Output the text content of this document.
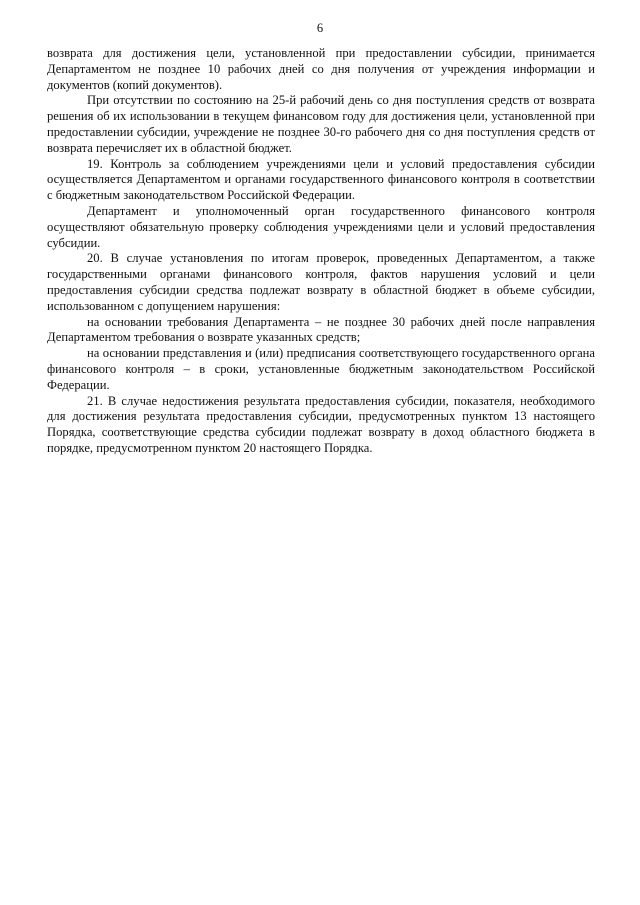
6

возврата для достижения цели, установленной при предоставлении субсидии, принимается Департаментом не позднее 10 рабочих дней со дня получения от учреждения информации и документов (копий документов).

При отсутствии по состоянию на 25-й рабочий день со дня поступления средств от возврата решения об их использовании в текущем финансовом году для достижения цели, установленной при предоставлении субсидии, учреждение не позднее 30-го рабочего дня со дня поступления средств от возврата перечисляет их в областной бюджет.

19. Контроль за соблюдением учреждениями цели и условий предоставления субсидии осуществляется Департаментом и органами государственного финансового контроля в соответствии с бюджетным законодательством Российской Федерации.

Департамент и уполномоченный орган государственного финансового контроля осуществляют обязательную проверку соблюдения учреждениями цели и условий предоставления субсидии.

20. В случае установления по итогам проверок, проведенных Департаментом, а также государственными органами финансового контроля, фактов нарушения условий и цели предоставления субсидии средства подлежат возврату в областной бюджет в объеме субсидии, использованном с допущением нарушения:

на основании требования Департамента – не позднее 30 рабочих дней после направления Департаментом требования о возврате указанных средств;

на основании представления и (или) предписания соответствующего государственного органа финансового контроля – в сроки, установленные бюджетным законодательством Российской Федерации.

21. В случае недостижения результата предоставления субсидии, показателя, необходимого для достижения результата предоставления субсидии, предусмотренных пунктом 13 настоящего Порядка, соответствующие средства субсидии подлежат возврату в доход областного бюджета в порядке, предусмотренном пунктом 20 настоящего Порядка.
